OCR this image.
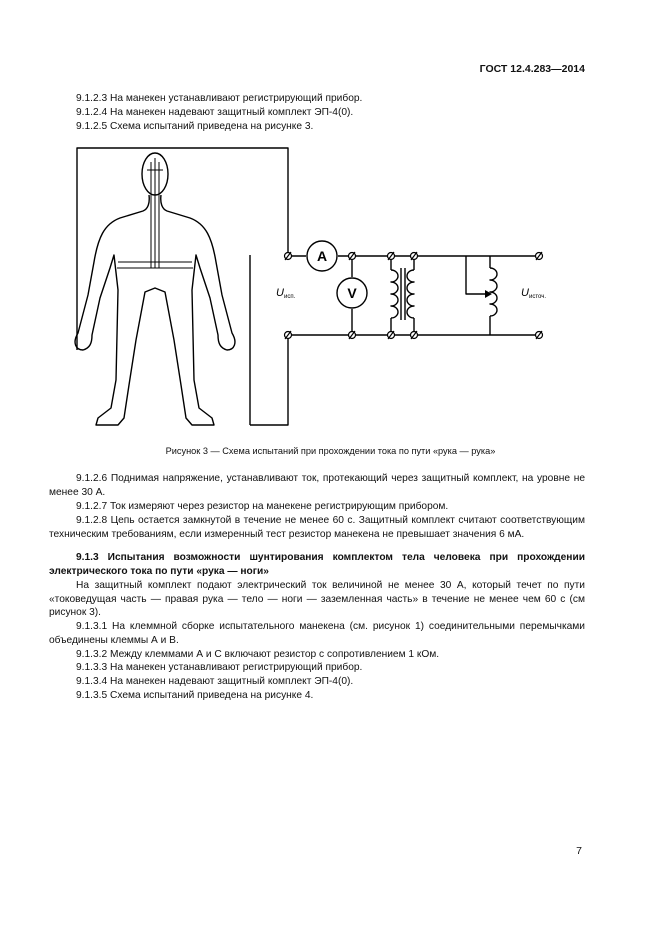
ГОСТ 12.4.283—2014
9.1.2.3 На манекен устанавливают регистрирующий прибор.
9.1.2.4 На манекен надевают защитный комплект ЭП-4(0).
9.1.2.5 Схема испытаний приведена на рисунке 3.
A
V
U исп.	U источ.
Рисунок 3 — Схема испытаний при прохождении тока по пути «рука — рука»
9.1.2.6 Поднимая напряжение, устанавливают ток, протекающий через защитный комплект, на уровне не менее 30 А.
9.1.2.7 Ток измеряют через резистор на манекене регистрирующим прибором.
9.1.2.8 Цепь остается замкнутой в течение не менее 60 с. Защитный комплект считают соответствующим техническим требованиям, если измеренный тест резистор манекена не превышает значения 6 мА.
9.1.3 Испытания возможности шунтирования комплектом тела человека при прохождении электрического тока по пути «рука — ноги»
На защитный комплект подают электрический ток величиной не менее 30 А, который течет по пути «токоведущая часть — правая рука — тело — ноги — заземленная часть» в течение не менее чем 60 с (см рисунок 3).
9.1.3.1 На клеммной сборке испытательного манекена (см. рисунок 1) соединительными перемычками объединены клеммы А и В.
9.1.3.2 Между клеммами А и С включают резистор с сопротивлением 1 кОм.
9.1.3.3 На манекен устанавливают регистрирующий прибор.
9.1.3.4 На манекен надевают защитный комплект ЭП-4(0).
9.1.3.5 Схема испытаний приведена на рисунке 4.
7
